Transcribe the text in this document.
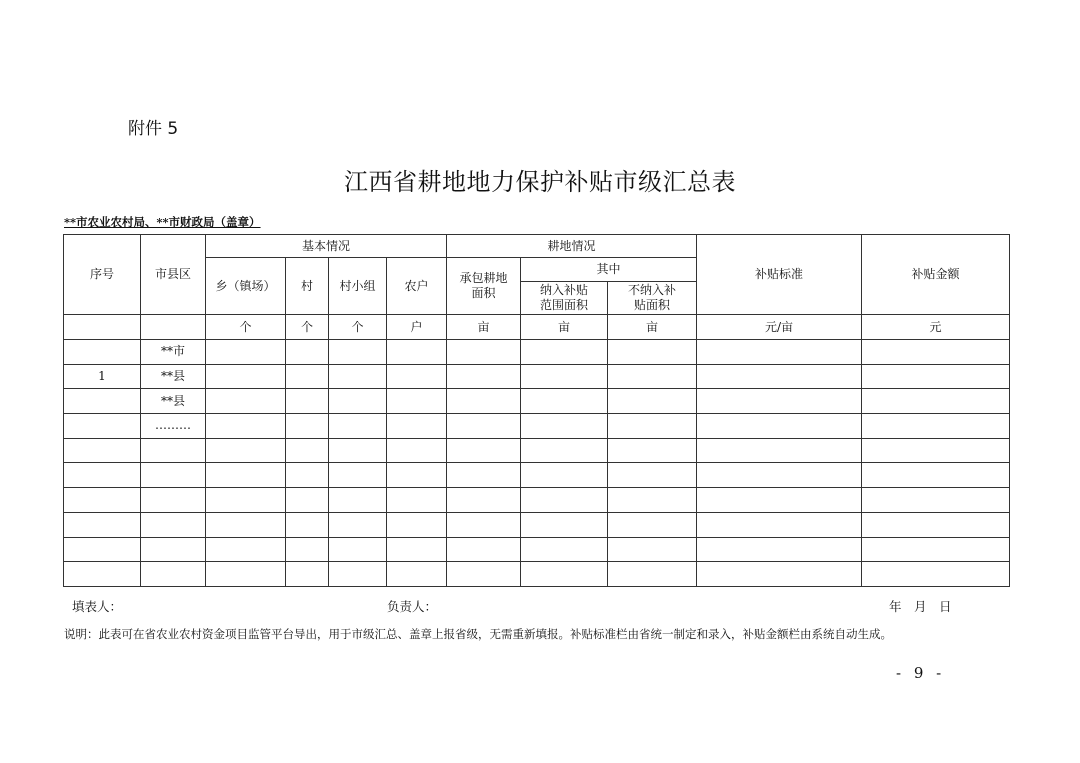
附件 5
江西省耕地地力保护补贴市级汇总表
**市农业农村局、**市财政局（盖章）
序号	市县区	基本情况				耕地情况			补贴标准	补贴金额
		乡（镇场）	村	村小组	农户	承包耕地面积	其中			
							纳入补贴范围面积	不纳入补贴面积		
		个	个	个	户	亩	亩	亩	元/亩	元
	**市									
1	**县									
	**县									
	………									

填表人：	负责人：	年　月　日
说明：此表可在省农业农村资金项目监管平台导出，用于市级汇总、盖章上报省级，无需重新填报。补贴标准栏由省统一制定和录入，补贴金额栏由系统自动生成。
- 9 -
